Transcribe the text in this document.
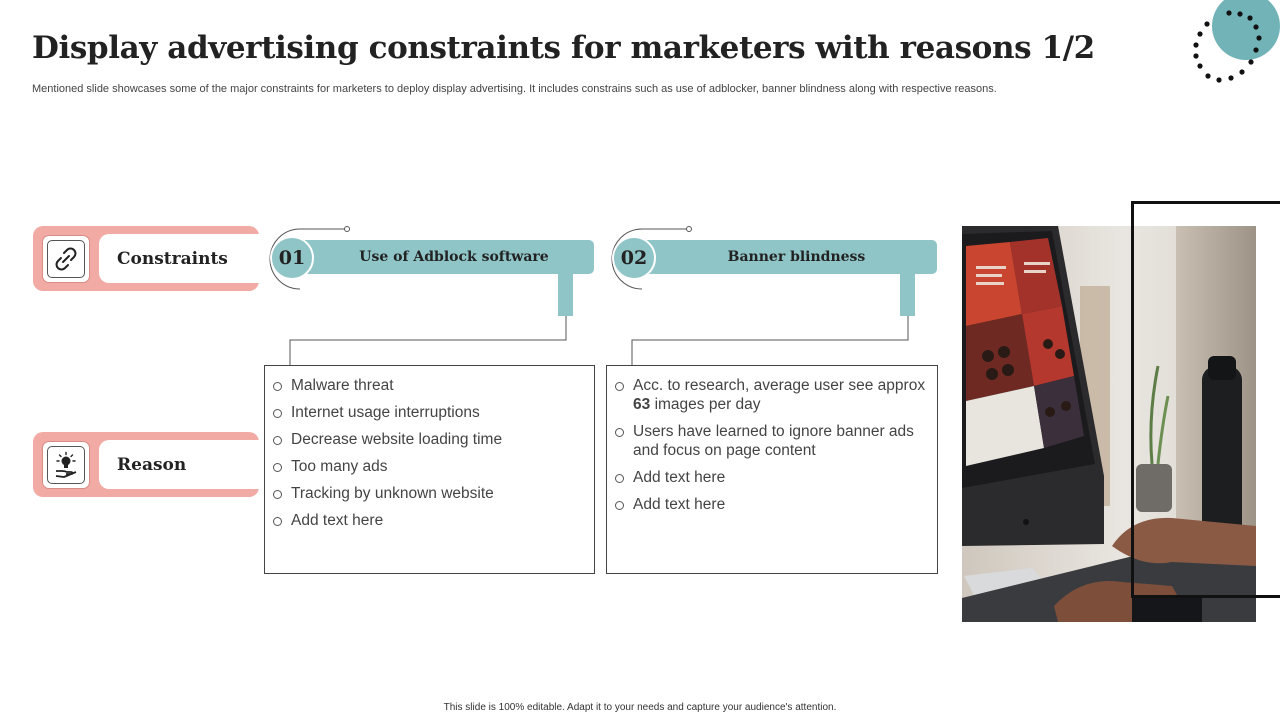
Display advertising constraints for marketers with reasons 1/2
Mentioned slide showcases some of the major constraints for marketers to deploy display advertising. It includes constrains such as use of adblocker, banner blindness along with respective reasons.
Constraints
Reason
Use of Adblock software
01
Malware threat
Internet usage interruptions
Decrease website loading time
Too many ads
Tracking by unknown website
Add text here
Banner blindness
02
Acc. to research, average user see approx 63 images per day
Users have learned to ignore banner ads and focus on page content
Add text here
Add text here
This slide is 100% editable. Adapt it to your needs and capture your audience's attention.
